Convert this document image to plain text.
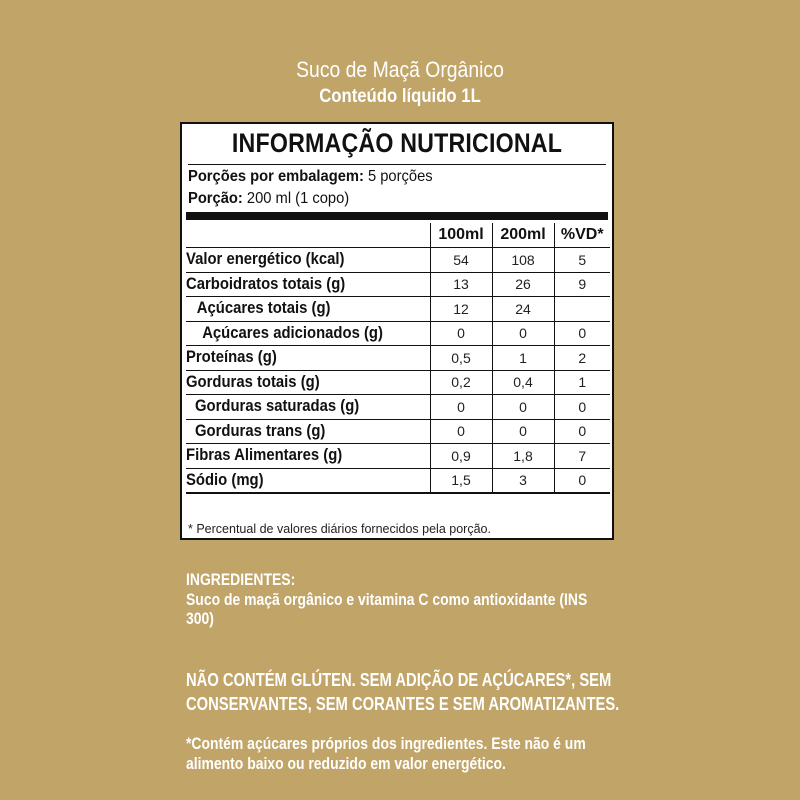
Suco de Maçã Orgânico
Conteúdo líquido 1L
INFORMAÇÃO NUTRICIONAL
Porções por embalagem: 5 porções
Porção: 200 ml (1 copo)
	100ml	200ml	%VD*
Valor energético (kcal)	54	108	5
Carboidratos totais (g)	13	26	9
Açúcares totais (g)	12	24	
Açúcares adicionados (g)	0	0	0
Proteínas (g)	0,5	1	2
Gorduras totais (g)	0,2	0,4	1
Gorduras saturadas (g)	0	0	0
Gorduras trans (g)	0	0	0
Fibras Alimentares (g)	0,9	1,8	7
Sódio (mg)	1,5	3	0
* Percentual de valores diários fornecidos pela porção.
INGREDIENTES:
Suco de maçã orgânico e vitamina C como antioxidante (INS 300)
NÃO CONTÉM GLÚTEN. SEM ADIÇÃO DE AÇÚCARES*, SEM CONSERVANTES, SEM CORANTES E SEM AROMATIZANTES.
*Contém açúcares próprios dos ingredientes. Este não é um alimento baixo ou reduzido em valor energético.
